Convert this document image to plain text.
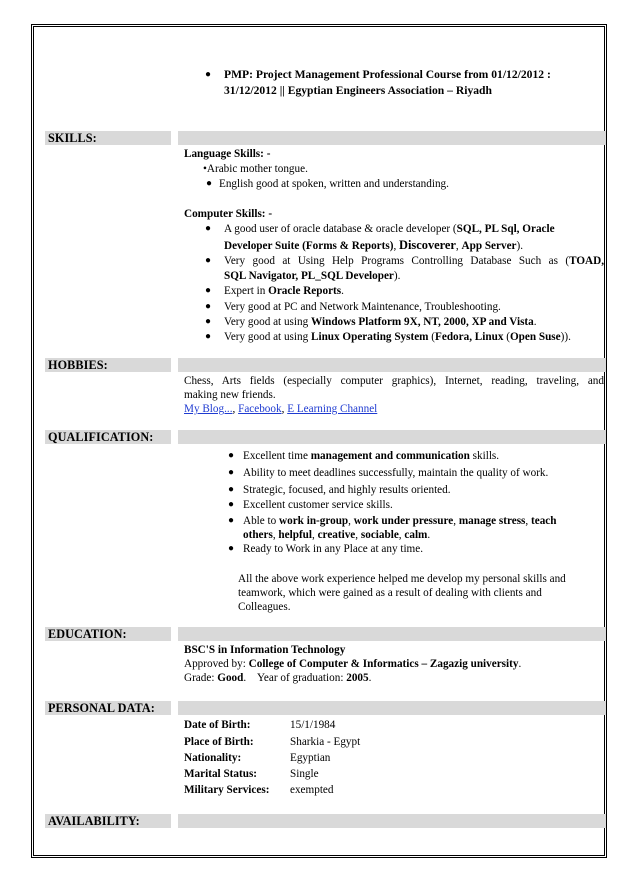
● PMP: Project Management Professional Course from 01/12/2012 :
31/12/2012 || Egyptian Engineers Association – Riyadh
SKILLS:
Language Skills: -
•Arabic mother tongue.
● English good at spoken, written and understanding.
Computer Skills: -
● A good user of oracle database & oracle developer (SQL, PL Sql, Oracle
Developer Suite (Forms & Reports), Discoverer, App Server).
● Very good at Using Help Programs Controlling Database Such as (TOAD,
SQL Navigator, PL_SQL Developer).
● Expert in Oracle Reports.
● Very good at PC and Network Maintenance, Troubleshooting.
● Very good at using Windows Platform 9X, NT, 2000, XP and Vista.
● Very good at using Linux Operating System (Fedora, Linux (Open Suse)).
HOBBIES:
Chess, Arts fields (especially computer graphics), Internet, reading, traveling, and
making new friends.
My Blog..., Facebook, E Learning Channel
QUALIFICATION:
● Excellent time management and communication skills.
● Ability to meet deadlines successfully, maintain the quality of work.
● Strategic, focused, and highly results oriented.
● Excellent customer service skills.
● Able to work in-group, work under pressure, manage stress, teach
others, helpful, creative, sociable, calm.
● Ready to Work in any Place at any time.
All the above work experience helped me develop my personal skills and
teamwork, which were gained as a result of dealing with clients and
Colleagues.
EDUCATION:
BSC'S in Information Technology
Approved by: College of Computer & Informatics – Zagazig university.
Grade: Good.    Year of graduation: 2005.
PERSONAL DATA:
Date of Birth:	15/1/1984
Place of Birth:	Sharkia - Egypt
Nationality:	Egyptian
Marital Status:	Single
Military Services: exempted
AVAILABILITY:
